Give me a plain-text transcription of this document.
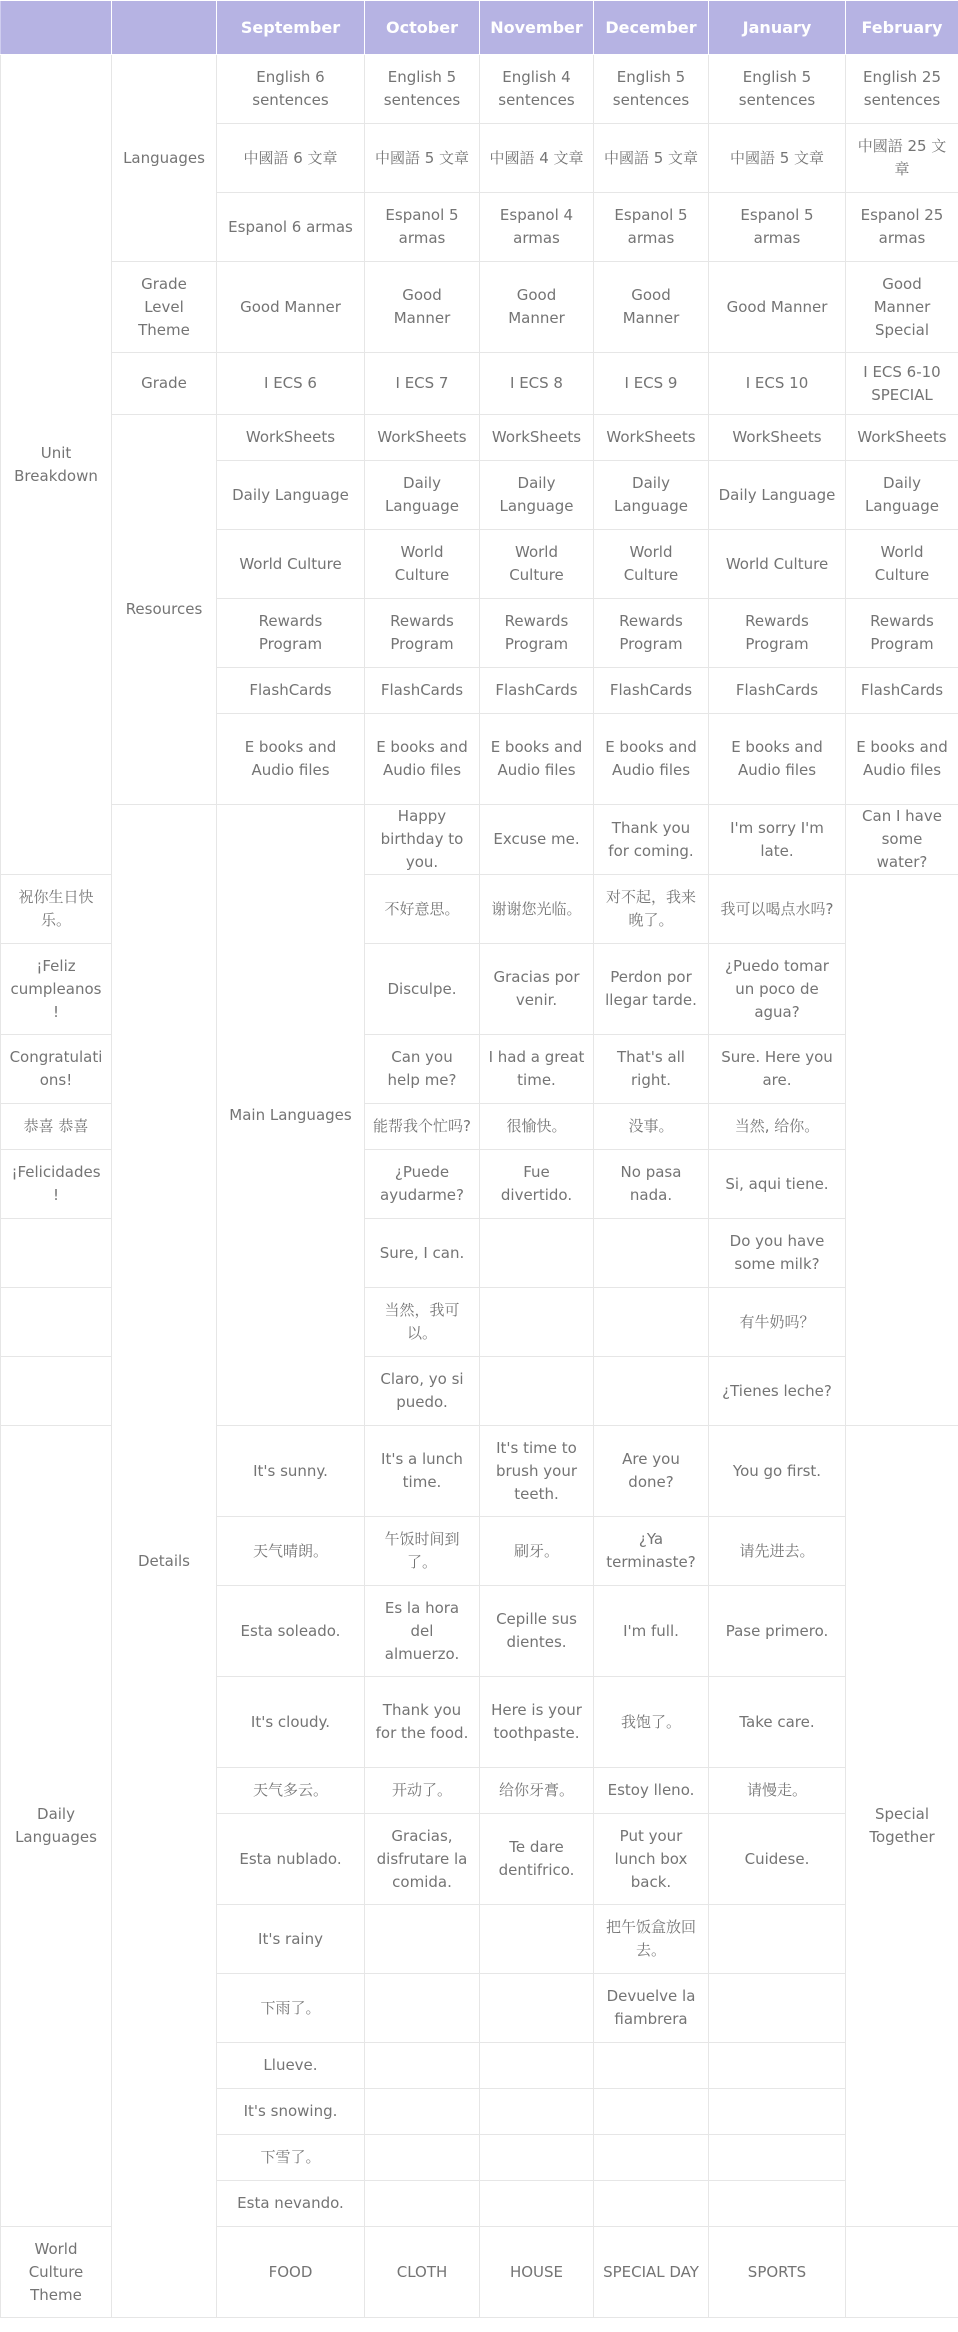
		September	October	November	December	January	February	
Unit Breakdown	Languages	English 6 sentences	English 5 sentences	English 4 sentences	English 5 sentences	English 5 sentences	English 25 sentences	
		中國語 6 文章	中國語 5 文章	中國語 4 文章	中國語 5 文章	中國語 5 文章	中國語 25 文章	
		Espanol 6 armas	Espanol 5 armas	Espanol 4 armas	Espanol 5 armas	Espanol 5 armas	Espanol 25 armas	
	Grade Level Theme	Good Manner	Good Manner	Good Manner	Good Manner	Good Manner	Good Manner Special	
	Grade	I ECS 6	I ECS 7	I ECS 8	I ECS 9	I ECS 10	I ECS 6-10 SPECIAL	
	Resources	WorkSheets	WorkSheets	WorkSheets	WorkSheets	WorkSheets	WorkSheets	
		Daily Language	Daily Language	Daily Language	Daily Language	Daily Language	Daily Language	
		World Culture	World Culture	World Culture	World Culture	World Culture	World Culture	
		Rewards Program	Rewards Program	Rewards Program	Rewards Program	Rewards Program	Rewards Program	
		FlashCards	FlashCards	FlashCards	FlashCards	FlashCards	FlashCards	
		E books and Audio files	E books and Audio files	E books and Audio files	E books and Audio files	E books and Audio files	E books and Audio files	
	Details	Main Languages	Happy birthday to you.	Excuse me.	Thank you for coming.	I'm sorry I'm late.	Can I have some water?	
祝你生日快乐。			不好意思。	谢谢您光临。	对不起，我来晚了。	我可以喝点水吗?		
¡Feliz cumpleanos!			Disculpe.	Gracias por venir.	Perdon por llegar tarde.	¿Puedo tomar un poco de agua?		
Congratulations!			Can you help me?	I had a great time.	That's all right.	Sure. Here you are.		
恭喜 恭喜			能帮我个忙吗?	很愉快。	没事。	当然, 给你。		
¡Felicidades!			¿Puede ayudarme?	Fue divertido.	No pasa nada.	Si, aqui tiene.		
			Sure, I can.			Do you have some milk?		
			当然，我可以。			有牛奶吗？		
			Claro, yo si puedo.			¿Tienes leche?		
Daily Languages		It's sunny.	It's a lunch time.	It's time to brush your teeth.	Are you done?	You go first.	Special Together	
		天气晴朗。	午饭时间到了。	刷牙。	¿Ya terminaste?	请先进去。		
		Esta soleado.	Es la hora del almuerzo.	Cepille sus dientes.	I'm full.	Pase primero.		
		It's cloudy.	Thank you for the food.	Here is your toothpaste.	我饱了。	Take care.		
		天气多云。	开动了。	给你牙膏。	Estoy lleno.	请慢走。		
		Esta nublado.	Gracias, disfrutare la comida.	Te dare dentifrico.	Put your lunch box back.	Cuidese.		
		It's rainy			把午饭盒放回去。			
		下雨了。			Devuelve la fiambrera			
		Llueve.						
		It's snowing.						
		下雪了。						
		Esta nevando.						
World Culture Theme		FOOD	CLOTH	HOUSE	SPECIAL DAY	SPORTS		
